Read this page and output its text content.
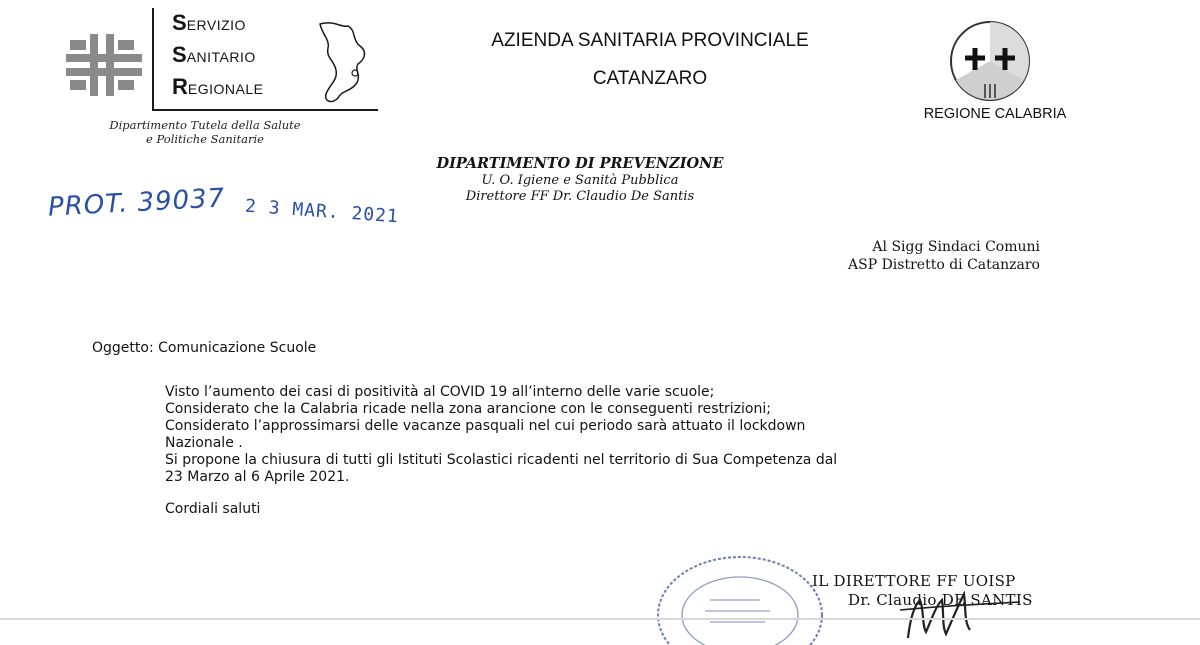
SERVIZIO
SANITARIO
REGIONALE
Dipartimento Tutela della Salute
e Politiche Sanitarie
AZIENDA SANITARIA PROVINCIALE
CATANZARO
REGIONE CALABRIA
DIPARTIMENTO DI PREVENZIONE
U. O. Igiene e Sanità Pubblica
Direttore FF Dr. Claudio De Santis
PROT. 39037 2 3 MAR. 2021
Al Sigg Sindaci Comuni
ASP Distretto di Catanzaro
Oggetto: Comunicazione Scuole
Visto l’aumento dei casi di positività al COVID 19 all’interno delle varie scuole;
Considerato che la Calabria ricade nella zona arancione con le conseguenti restrizioni;
Considerato l’approssimarsi delle vacanze pasquali nel cui periodo sarà attuato il lockdown
Nazionale .
Si propone la chiusura di tutti gli Istituti Scolastici ricadenti nel territorio di Sua Competenza dal
23 Marzo al 6 Aprile 2021.
Cordiali saluti
IL DIRETTORE FF UOISP
Dr. Claudio DE SANTIS
